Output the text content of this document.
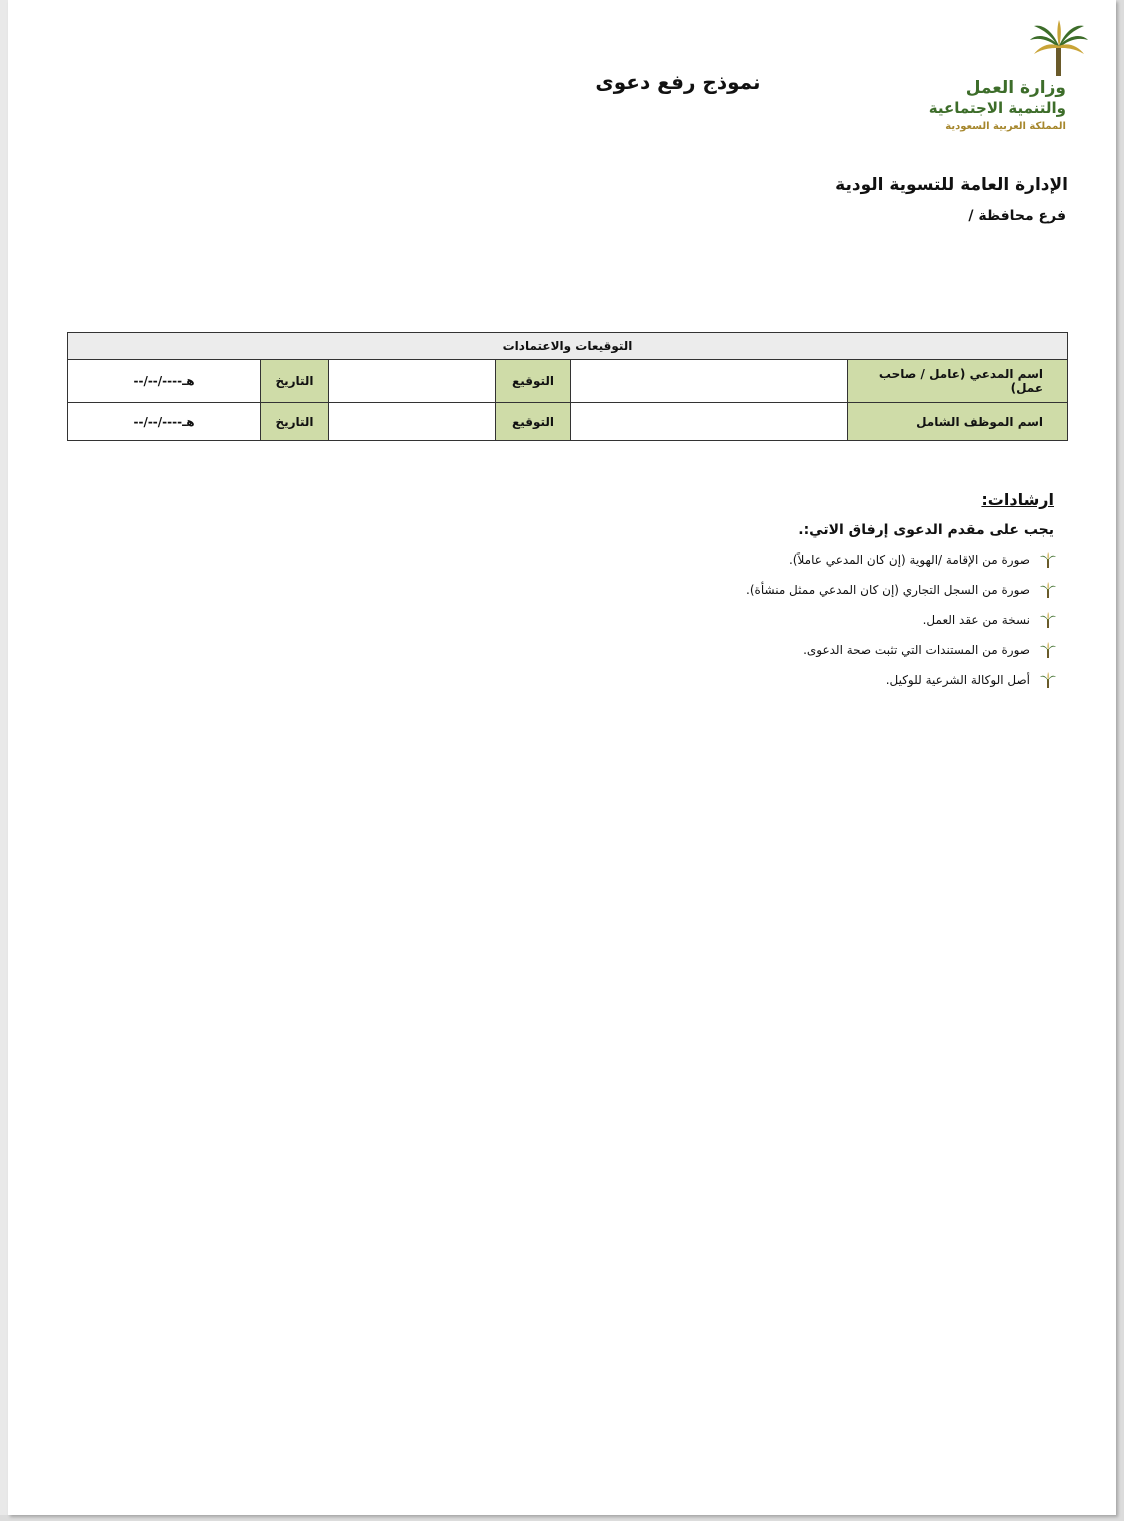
وزارة العمل
والتنمية الاجتماعية
المملكة العربية السعودية
نموذج رفع دعوى
الإدارة العامة للتسوية الودية
فرع محافظة /
التوقيعات والاعتمادات					
--/--/----هـ	التاريخ		التوقيع		اسم المدعي (عامل / صاحب عمل)
--/--/----هـ	التاريخ		التوقيع		اسم الموظف الشامل
ارشادات:
يجب على مقدم الدعوى إرفاق الاتي:.
صورة من الإقامة /الهوية (إن كان المدعي عاملاً).
صورة من السجل التجاري (إن كان المدعي ممثل منشأة).
نسخة من عقد العمل.
صورة من المستندات التي تثبت صحة الدعوى.
أصل الوكالة الشرعية للوكيل.
